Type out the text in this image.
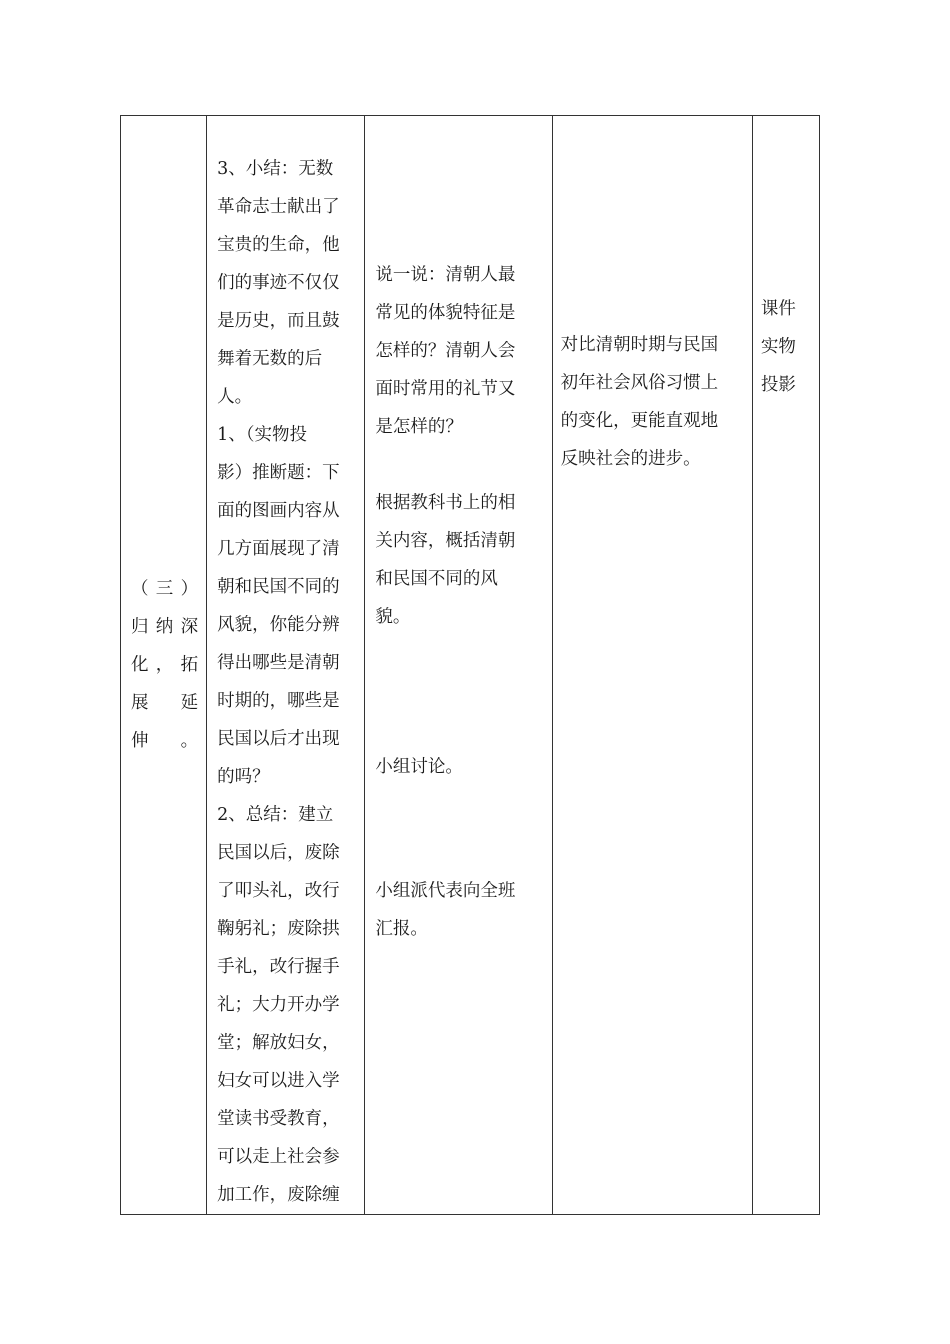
（三）
归纳深
化，拓
展延
伸。

3、小结：无数
革命志士献出了
宝贵的生命，他
们的事迹不仅仅
是历史，而且鼓
舞着无数的后
人。
1、（实物投
影）推断题：下
面的图画内容从
几方面展现了清
朝和民国不同的
风貌，你能分辨
得出哪些是清朝
时期的，哪些是
民国以后才出现
的吗？
2、总结：建立
民国以后，废除
了叩头礼，改行
鞠躬礼；废除拱
手礼，改行握手
礼；大力开办学
堂；解放妇女，
妇女可以进入学
堂读书受教育，
可以走上社会参
加工作，废除缠

说一说：清朝人最
常见的体貌特征是
怎样的？清朝人会
面时常用的礼节又
是怎样的？
根据教科书上的相
关内容，概括清朝
和民国不同的风
貌。
小组讨论。
小组派代表向全班
汇报。

对比清朝时期与民国
初年社会风俗习惯上
的变化，更能直观地
反映社会的进步。

课件
实物
投影
